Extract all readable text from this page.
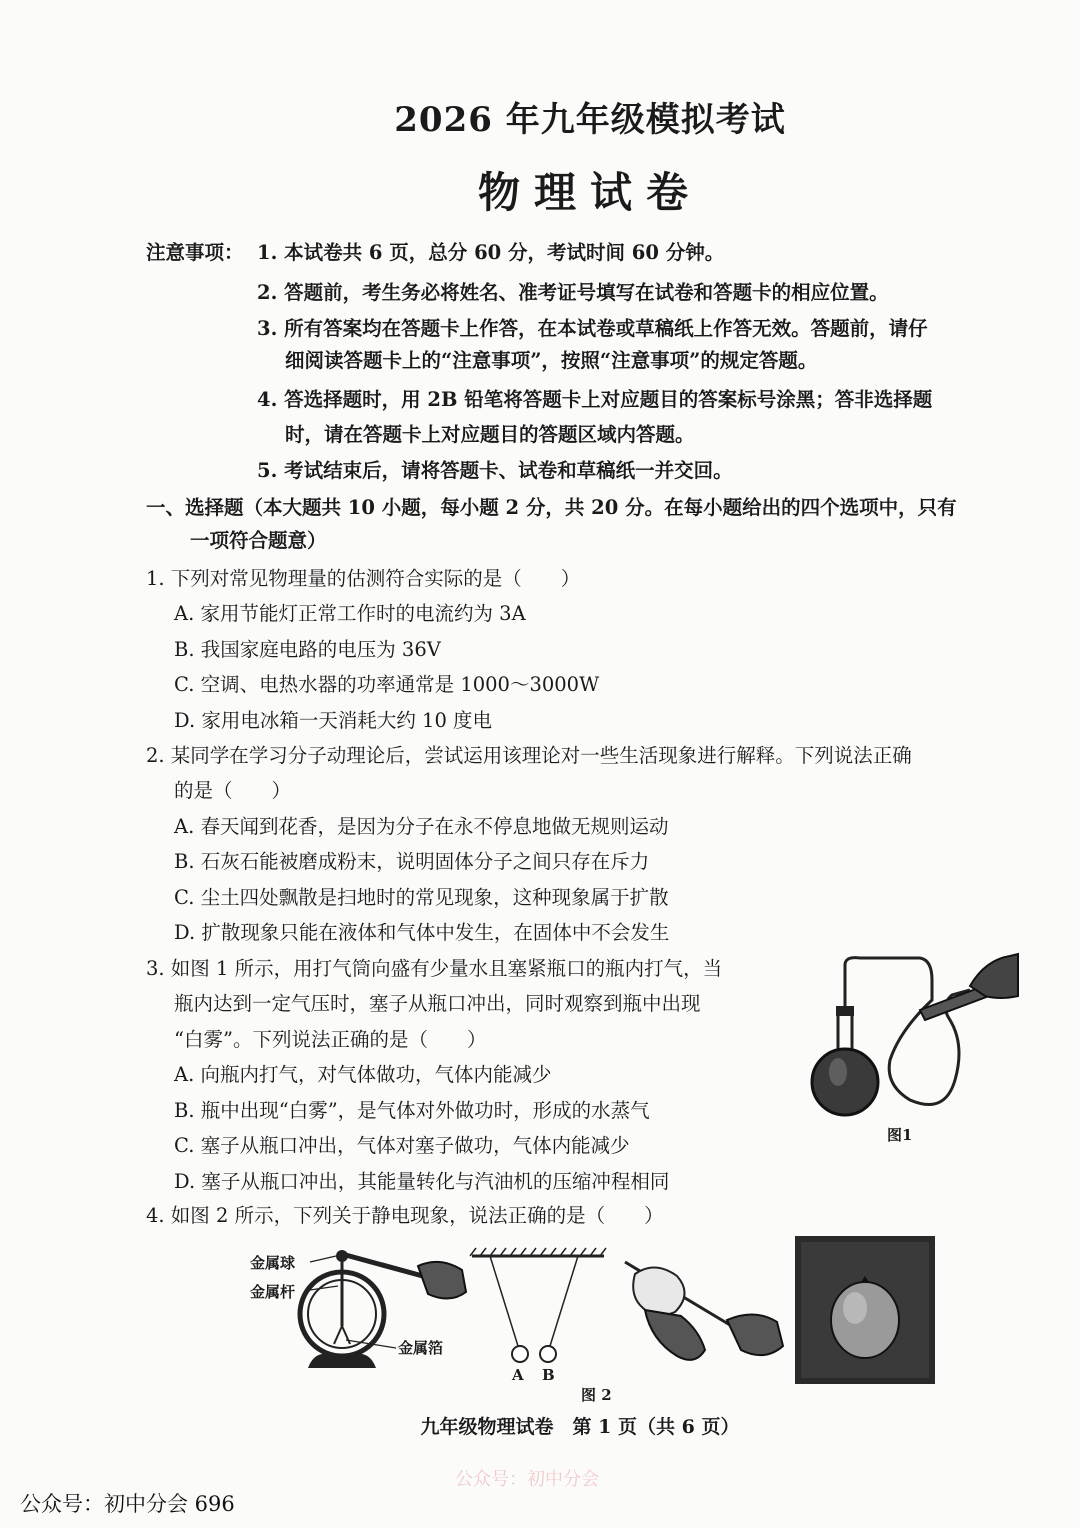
2026 年九年级模拟考试
物理试卷
注意事项： 1. 本试卷共 6 页，总分 60 分，考试时间 60 分钟。
2. 答题前，考生务必将姓名、准考证号填写在试卷和答题卡的相应位置。
3. 所有答案均在答题卡上作答，在本试卷或草稿纸上作答无效。答题前，请仔
细阅读答题卡上的“注意事项”，按照“注意事项”的规定答题。
4. 答选择题时，用 2B 铅笔将答题卡上对应题目的答案标号涂黑；答非选择题
时，请在答题卡上对应题目的答题区域内答题。
5. 考试结束后，请将答题卡、试卷和草稿纸一并交回。
一、选择题（本大题共 10 小题，每小题 2 分，共 20 分。在每小题给出的四个选项中，只有
一项符合题意）
1. 下列对常见物理量的估测符合实际的是（　　）
A. 家用节能灯正常工作时的电流约为 3A
B. 我国家庭电路的电压为 36V
C. 空调、电热水器的功率通常是 1000～3000W
D. 家用电冰箱一天消耗大约 10 度电
2. 某同学在学习分子动理论后，尝试运用该理论对一些生活现象进行解释。下列说法正确
的是（　　）
A. 春天闻到花香，是因为分子在永不停息地做无规则运动
B. 石灰石能被磨成粉末，说明固体分子之间只存在斥力
C. 尘土四处飘散是扫地时的常见现象，这种现象属于扩散
D. 扩散现象只能在液体和气体中发生，在固体中不会发生
3. 如图 1 所示，用打气筒向盛有少量水且塞紧瓶口的瓶内打气，当
瓶内达到一定气压时，塞子从瓶口冲出，同时观察到瓶中出现
“白雾”。下列说法正确的是（　　）
A. 向瓶内打气，对气体做功，气体内能减少
B. 瓶中出现“白雾”，是气体对外做功时，形成的水蒸气
C. 塞子从瓶口冲出，气体对塞子做功，气体内能减少
D. 塞子从瓶口冲出，其能量转化与汽油机的压缩冲程相同
图1
4. 如图 2 所示，下列关于静电现象，说法正确的是（　　）
金属球
金属杆
金属箔
A B
图 2
九年级物理试卷　第 1 页（共 6 页）
公众号：初中分会
公众号：初中分会 696
